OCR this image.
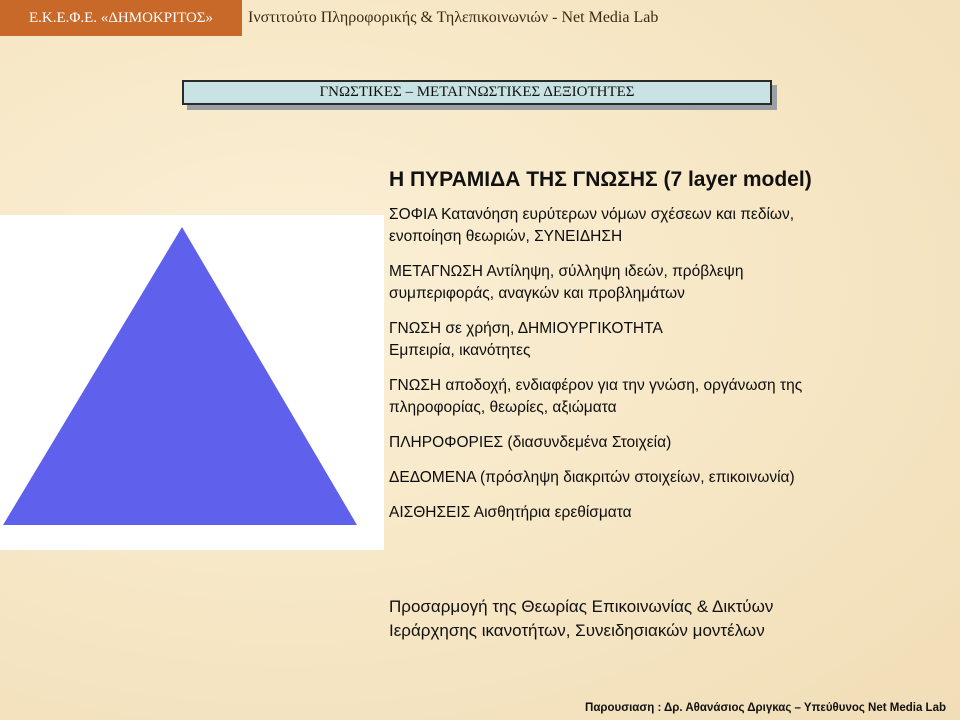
Ε.Κ.Ε.Φ.Ε. «ΔΗΜΟΚΡΙΤΟΣ»	Ινστιτούτο Πληροφορικής & Τηλεπικοινωνιών - Net Media Lab
ΓΝΩΣΤΙΚΕΣ – ΜΕΤΑΓΝΩΣΤΙΚΕΣ ΔΕΞΙΟΤΗΤΕΣ
Η ΠΥΡΑΜΙΔΑ ΤΗΣ ΓΝΩΣΗΣ (7 layer model)
ΣΟΦΙΑ Κατανόηση ευρύτερων νόμων σχέσεων και πεδίων,
ενοποίηση θεωριών, ΣΥΝΕΙΔΗΣΗ
ΜΕΤΑΓΝΩΣΗ Αντίληψη, σύλληψη ιδεών, πρόβλεψη
συμπεριφοράς, αναγκών και προβλημάτων
ΓΝΩΣΗ σε χρήση, ΔΗΜΙΟΥΡΓΙΚΟΤΗΤΑ
Εμπειρία, ικανότητες
ΓΝΩΣΗ αποδοχή, ενδιαφέρον για την γνώση, οργάνωση της
πληροφορίας, θεωρίες, αξιώματα
ΠΛΗΡΟΦΟΡΙΕΣ (διασυνδεμένα Στοιχεία)
ΔΕΔΟΜΕΝΑ (πρόσληψη διακριτών στοιχείων, επικοινωνία)
ΑΙΣΘΗΣΕΙΣ Αισθητήρια ερεθίσματα
Προσαρμογή της Θεωρίας Επικοινωνίας & Δικτύων
Ιεράρχησης ικανοτήτων, Συνειδησιακών μοντέλων
Παρουσιαση : Δρ. Αθανάσιος Δριγκας – Υπεύθυνος Net Media Lab
